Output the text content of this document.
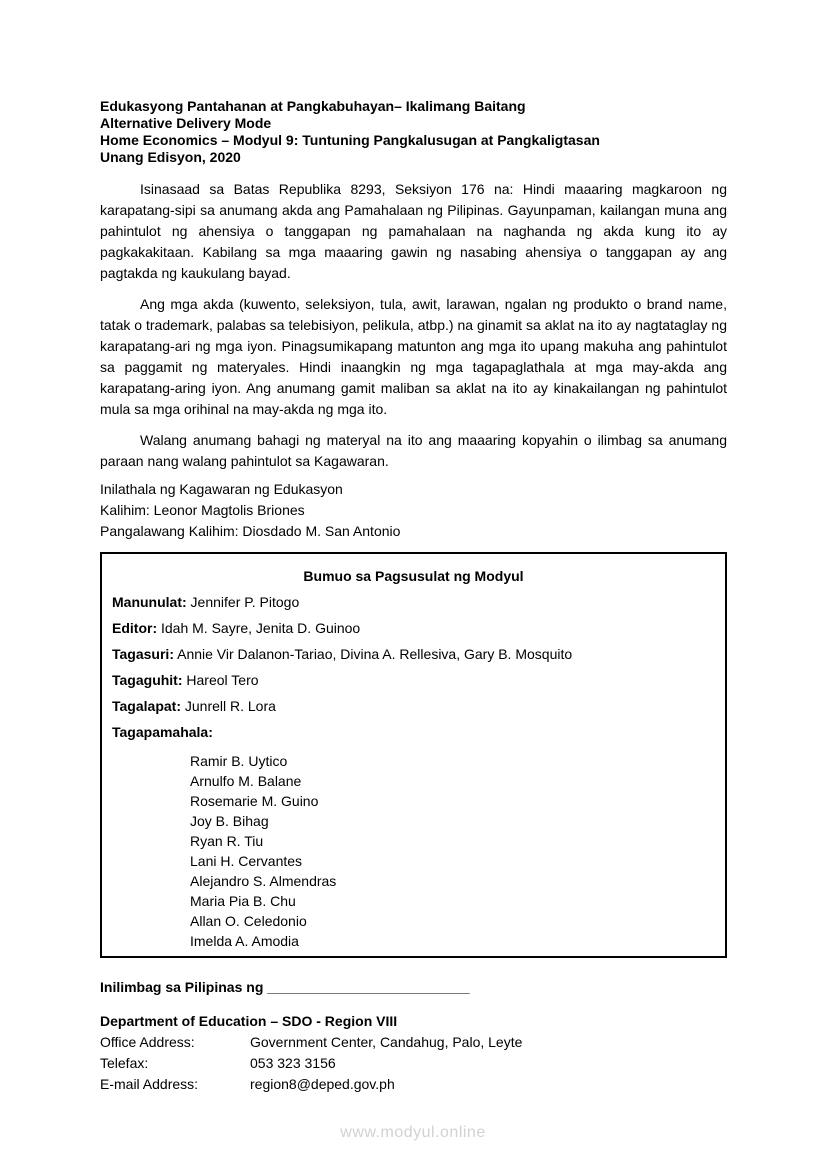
Edukasyong Pantahanan at Pangkabuhayan– Ikalimang Baitang
Alternative Delivery Mode
Home Economics – Modyul 9: Tuntuning Pangkalusugan at Pangkaligtasan
Unang Edisyon, 2020

Isinasaad sa Batas Republika 8293, Seksiyon 176 na: Hindi maaaring magkaroon ng karapatang-sipi sa anumang akda ang Pamahalaan ng Pilipinas. Gayunpaman, kailangan muna ang pahintulot ng ahensiya o tanggapan ng pamahalaan na naghanda ng akda kung ito ay pagkakakitaan. Kabilang sa mga maaaring gawin ng nasabing ahensiya o tanggapan ay ang pagtakda ng kaukulang bayad.

Ang mga akda (kuwento, seleksiyon, tula, awit, larawan, ngalan ng produkto o brand name, tatak o trademark, palabas sa telebisiyon, pelikula, atbp.) na ginamit sa aklat na ito ay nagtataglay ng karapatang-ari ng mga iyon. Pinagsumikapang matunton ang mga ito upang makuha ang pahintulot sa paggamit ng materyales. Hindi inaangkin ng mga tagapaglathala at mga may-akda ang karapatang-aring iyon. Ang anumang gamit maliban sa aklat na ito ay kinakailangan ng pahintulot mula sa mga orihinal na may-akda ng mga ito.

Walang anumang bahagi ng materyal na ito ang maaaring kopyahin o ilimbag sa anumang paraan nang walang pahintulot sa Kagawaran.

Inilathala ng Kagawaran ng Edukasyon
Kalihim: Leonor Magtolis Briones
Pangalawang Kalihim: Diosdado M. San Antonio
Bumuo sa Pagsusulat ng Modyul
Manunulat: Jennifer P. Pitogo
Editor: Idah M. Sayre, Jenita D. Guinoo
Tagasuri: Annie Vir Dalanon-Tariao, Divina A. Rellesiva, Gary B. Mosquito
Tagaguhit: Hareol Tero
Tagalapat: Junrell R. Lora
Tagapamahala:
Ramir B. Uytico
Arnulfo M. Balane
Rosemarie M. Guino
Joy B. Bihag
Ryan R. Tiu
Lani H. Cervantes
Alejandro S. Almendras
Maria Pia B. Chu
Allan O. Celedonio
Imelda A. Amodia
Inilimbag sa Pilipinas ng __________________________
Department of Education – SDO - Region VIII
Office Address:	Government Center, Candahug, Palo, Leyte
Telefax:	053 323 3156
E-mail Address:	region8@deped.gov.ph
www.modyul.online
